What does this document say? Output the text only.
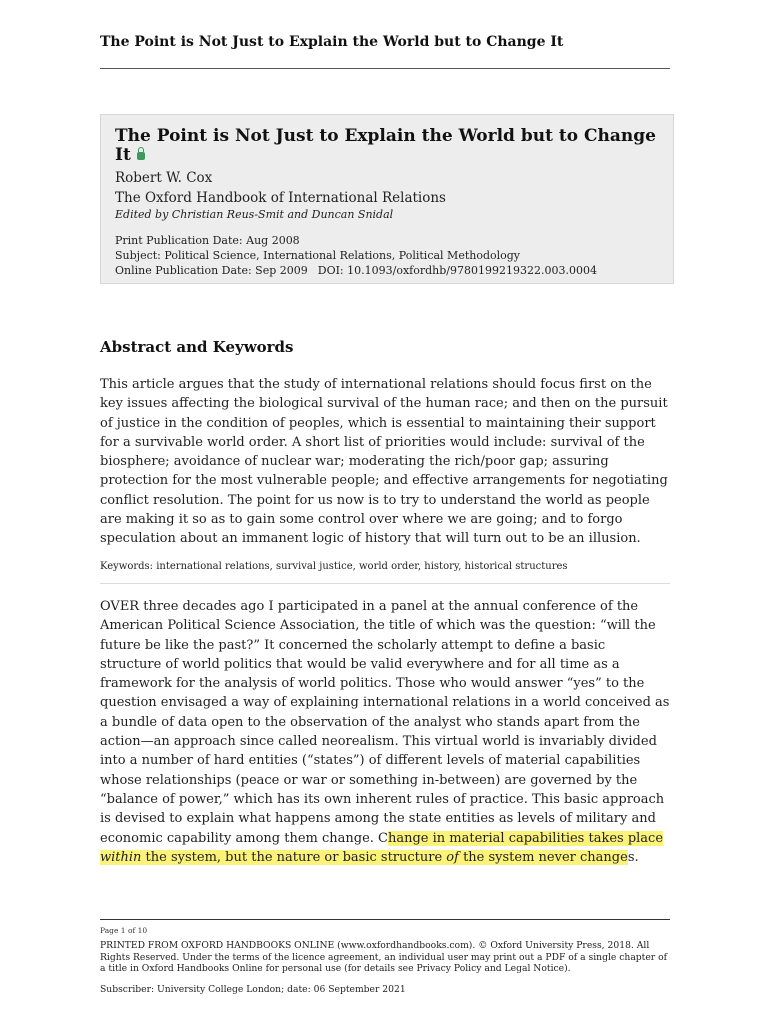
The Point is Not Just to Explain the World but to Change It
The Point is Not Just to Explain the World but to Change It
Robert W. Cox
The Oxford Handbook of International Relations
Edited by Christian Reus-Smit and Duncan Snidal
Print Publication Date: Aug 2008
Subject: Political Science, International Relations, Political Methodology
Online Publication Date: Sep 2009 DOI: 10.1093/oxfordhb/9780199219322.003.0004
Abstract and Keywords
This article argues that the study of international relations should focus first on the key issues affecting the biological survival of the human race; and then on the pursuit of justice in the condition of peoples, which is essential to maintaining their support for a survivable world order. A short list of priorities would include: survival of the biosphere; avoidance of nuclear war; moderating the rich/poor gap; assuring protection for the most vulnerable people; and effective arrangements for negotiating conflict resolution. The point for us now is to try to understand the world as people are making it so as to gain some control over where we are going; and to forgo speculation about an immanent logic of history that will turn out to be an illusion.
Keywords: international relations, survival justice, world order, history, historical structures
OVER three decades ago I participated in a panel at the annual conference of the American Political Science Association, the title of which was the question: “will the future be like the past?” It concerned the scholarly attempt to define a basic structure of world politics that would be valid everywhere and for all time as a framework for the analysis of world politics. Those who would answer “yes” to the question envisaged a way of explaining international relations in a world conceived as a bundle of data open to the observation of the analyst who stands apart from the action—an approach since called neorealism. This virtual world is invariably divided into a number of hard entities (“states”) of different levels of material capabilities whose relationships (peace or war or something in-between) are governed by the “balance of power,” which has its own inherent rules of practice. This basic approach is devised to explain what happens among the state entities as levels of military and economic capability among them change. Change in material capabilities takes place within the system, but the nature or basic structure of the system never changes.
Page 1 of 10
PRINTED FROM OXFORD HANDBOOKS ONLINE (www.oxfordhandbooks.com). © Oxford University Press, 2018. All Rights Reserved. Under the terms of the licence agreement, an individual user may print out a PDF of a single chapter of a title in Oxford Handbooks Online for personal use (for details see Privacy Policy and Legal Notice).
Subscriber: University College London; date: 06 September 2021
